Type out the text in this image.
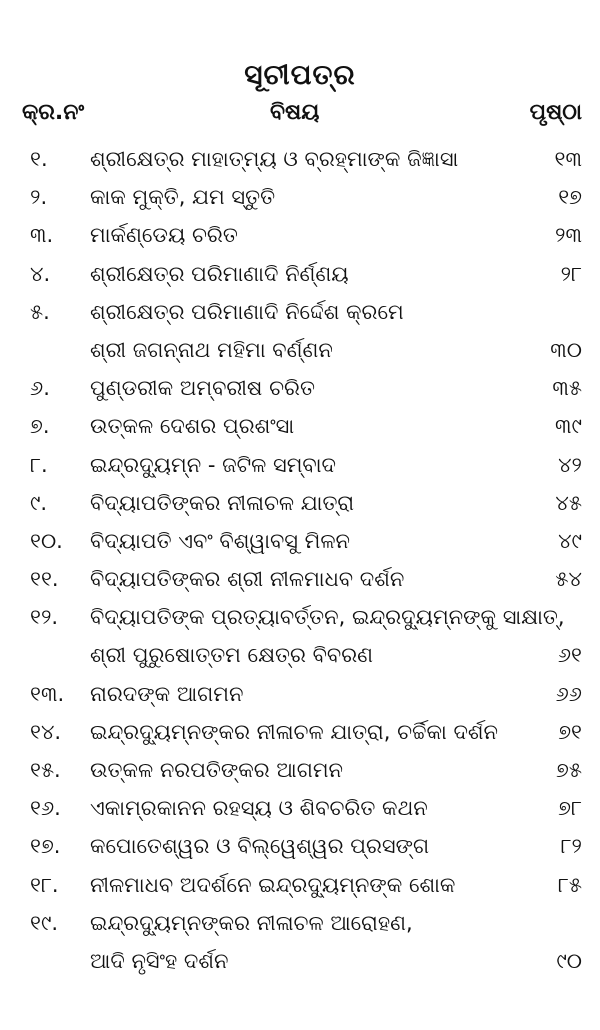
ସୂଚୀପତ୍ର
କ୍ର.ନଂ	ବିଷୟ	ପୃଷ୍ଠା
୧. ଶ୍ରୀକ୍ଷେତ୍ର ମାହାତ୍ମ୍ୟ ଓ ବ୍ରହ୍ମାଙ୍କ ଜିଜ୍ଞାସା	୧୩
୨. କାକ ମୁକ୍ତି, ଯମ ସ୍ତୁତି	୧୭
୩. ମାର୍କଣ୍ଡେୟ ଚରିତ	୨୩
୪. ଶ୍ରୀକ୍ଷେତ୍ର ପରିମାଣାଦି ନିର୍ଣ୍ଣୟ	୨୮
୫. ଶ୍ରୀକ୍ଷେତ୍ର ପରିମାଣାଦି ନିର୍ଦ୍ଦେଶ କ୍ରମେ
ଶ୍ରୀ ଜଗନ୍ନାଥ ମହିମା ବର୍ଣ୍ଣନ	୩୦
୬. ପୁଣ୍ଡରୀକ ଅମ୍ବରୀଷ ଚରିତ	୩୫
୭. ଉତ୍କଳ ଦେଶର ପ୍ରଶଂସା	୩୯
୮. ଇନ୍ଦ୍ରଦ୍ୟୁମ୍ନ - ଜଟିଳ ସମ୍ବାଦ	୪୨
୯. ବିଦ୍ୟାପତିଙ୍କର ନୀଳାଚଳ ଯାତ୍ରା	୪୫
୧୦. ବିଦ୍ୟାପତି ଏବଂ ବିଶ୍ୱାବସୁ ମିଳନ	୪୯
୧୧. ବିଦ୍ୟାପତିଙ୍କର ଶ୍ରୀ ନୀଳମାଧବ ଦର୍ଶନ	୫୪
୧୨. ବିଦ୍ୟାପତିଙ୍କ ପ୍ରତ୍ୟାବର୍ତ୍ତନ, ଇନ୍ଦ୍ରଦ୍ୟୁମ୍ନଙ୍କୁ ସାକ୍ଷାତ୍,
ଶ୍ରୀ ପୁରୁଷୋତ୍ତମ କ୍ଷେତ୍ର ବିବରଣ	୬୧
୧୩. ନାରଦଙ୍କ ଆଗମନ	୬୬
୧୪. ଇନ୍ଦ୍ରଦ୍ୟୁମ୍ନଙ୍କର ନୀଳାଚଳ ଯାତ୍ରା, ଚର୍ଚ୍ଚିକା ଦର୍ଶନ	୭୧
୧୫. ଉତ୍କଳ ନରପତିଙ୍କର ଆଗମନ	୭୫
୧୬. ଏକାମ୍ରକାନନ ରହସ୍ୟ ଓ ଶିବଚରିତ କଥନ	୭୮
୧୭. କପୋତେଶ୍ୱର ଓ ବିଲ୍ୱେଶ୍ୱର ପ୍ରସଙ୍ଗ	୮୨
୧୮. ନୀଳମାଧବ ଅଦର୍ଶନେ ଇନ୍ଦ୍ରଦ୍ୟୁମ୍ନଙ୍କ ଶୋକ	୮୫
୧୯. ଇନ୍ଦ୍ରଦ୍ୟୁମ୍ନଙ୍କର ନୀଳାଚଳ ଆରୋହଣ,
ଆଦି ନୃସିଂହ ଦର୍ଶନ	୯୦
